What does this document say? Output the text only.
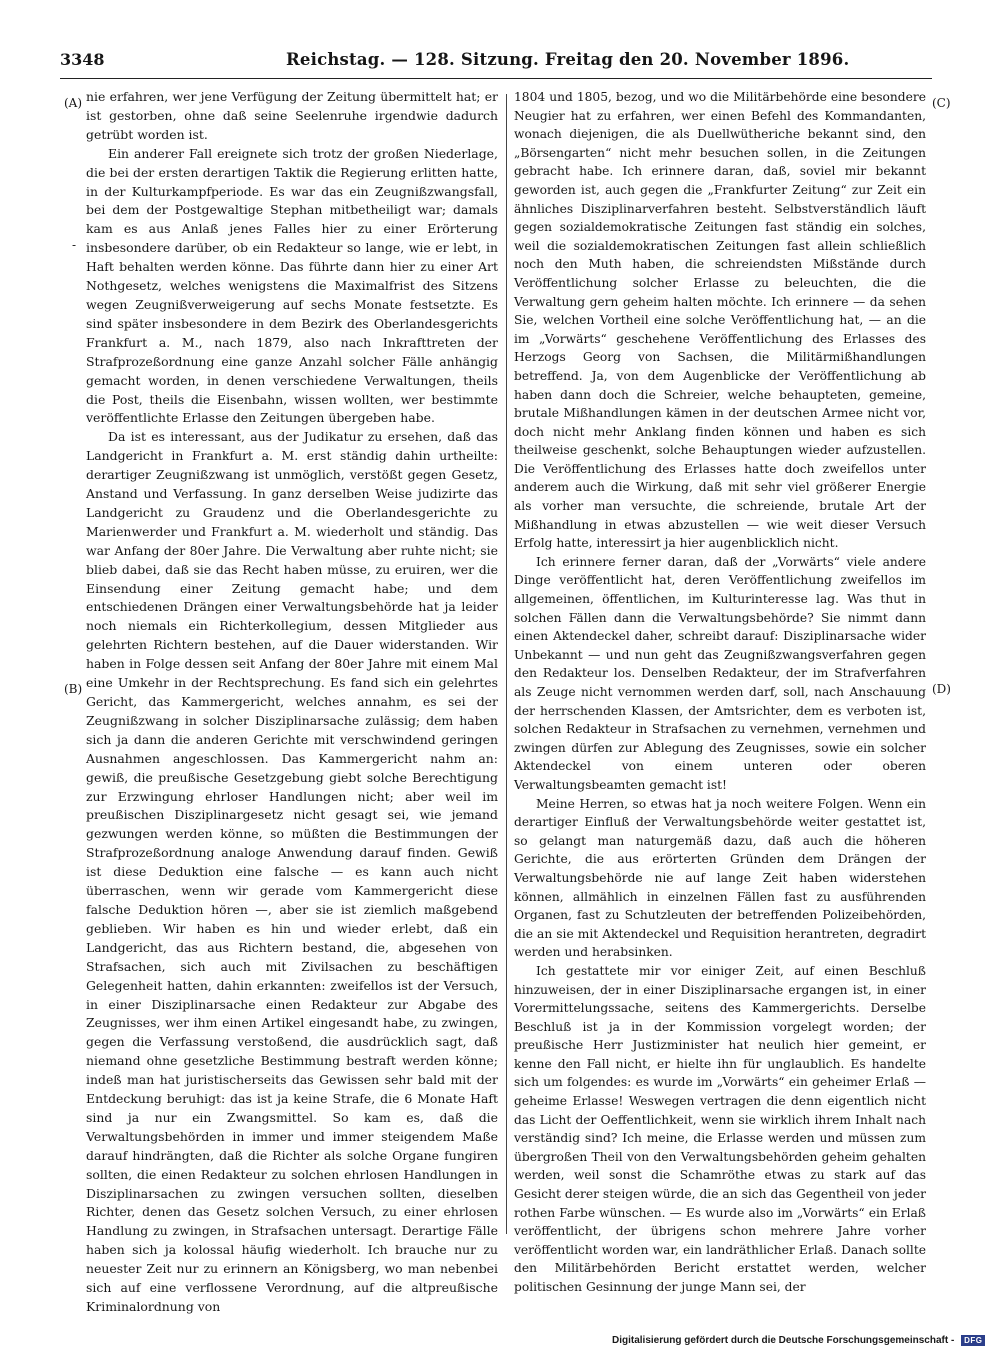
3348	Reichstag. — 128. Sitzung. Freitag den 20. November 1896.
(A)
(B)
(C)
(D)
-

nie erfahren, wer jene Verfügung der Zeitung übermittelt hat; er ist gestorben, ohne daß seine Seelenruhe irgendwie dadurch getrübt worden ist.

Ein anderer Fall ereignete sich trotz der großen Niederlage, die bei der ersten derartigen Taktik die Regierung erlitten hatte, in der Kulturkampfperiode. Es war das ein Zeugnißzwangsfall, bei dem der Postgewaltige Stephan mitbetheiligt war; damals kam es aus Anlaß jenes Falles hier zu einer Erörterung insbesondere darüber, ob ein Redakteur so lange, wie er lebt, in Haft behalten werden könne. Das führte dann hier zu einer Art Nothgesetz, welches wenigstens die Maximalfrist des Sitzens wegen Zeugnißverweigerung auf sechs Monate festsetzte. Es sind später insbesondere in dem Bezirk des Oberlandesgerichts Frankfurt a. M., nach 1879, also nach Inkrafttreten der Strafprozeßordnung eine ganze Anzahl solcher Fälle anhängig gemacht worden, in denen verschiedene Verwaltungen, theils die Post, theils die Eisenbahn, wissen wollten, wer bestimmte veröffentlichte Erlasse den Zeitungen übergeben habe.

Da ist es interessant, aus der Judikatur zu ersehen, daß das Landgericht in Frankfurt a. M. erst ständig dahin urtheilte: derartiger Zeugnißzwang ist unmöglich, verstößt gegen Gesetz, Anstand und Verfassung. In ganz derselben Weise judizirte das Landgericht zu Graudenz und die Oberlandesgerichte zu Marienwerder und Frankfurt a. M. wiederholt und ständig. Das war Anfang der 80er Jahre. Die Verwaltung aber ruhte nicht; sie blieb dabei, daß sie das Recht haben müsse, zu eruiren, wer die Einsendung einer Zeitung gemacht habe; und dem entschiedenen Drängen einer Verwaltungsbehörde hat ja leider noch niemals ein Richterkollegium, dessen Mitglieder aus gelehrten Richtern bestehen, auf die Dauer widerstanden. Wir haben in Folge dessen seit Anfang der 80er Jahre mit einem Mal eine Umkehr in der Rechtsprechung. Es fand sich ein gelehrtes Gericht, das Kammergericht, welches annahm, es sei der Zeugnißzwang in solcher Disziplinarsache zulässig; dem haben sich ja dann die anderen Gerichte mit verschwindend geringen Ausnahmen angeschlossen. Das Kammergericht nahm an: gewiß, die preußische Gesetzgebung giebt solche Berechtigung zur Erzwingung ehrloser Handlungen nicht; aber weil im preußischen Disziplinargesetz nicht gesagt sei, wie jemand gezwungen werden könne, so müßten die Bestimmungen der Strafprozeßordnung analoge Anwendung darauf finden. Gewiß ist diese Deduktion eine falsche — es kann auch nicht überraschen, wenn wir gerade vom Kammergericht diese falsche Deduktion hören —, aber sie ist ziemlich maßgebend geblieben. Wir haben es hin und wieder erlebt, daß ein Landgericht, das aus Richtern bestand, die, abgesehen von Strafsachen, sich auch mit Zivilsachen zu beschäftigen Gelegenheit hatten, dahin erkannten: zweifellos ist der Versuch, in einer Disziplinarsache einen Redakteur zur Abgabe des Zeugnisses, wer ihm einen Artikel eingesandt habe, zu zwingen, gegen die Verfassung verstoßend, die ausdrücklich sagt, daß niemand ohne gesetzliche Bestimmung bestraft werden könne; indeß man hat juristischerseits das Gewissen sehr bald mit der Entdeckung beruhigt: das ist ja keine Strafe, die 6 Monate Haft sind ja nur ein Zwangsmittel. So kam es, daß die Verwaltungsbehörden in immer und immer steigendem Maße darauf hindrängten, daß die Richter als solche Organe fungiren sollten, die einen Redakteur zu solchen ehrlosen Handlungen in Disziplinarsachen zu zwingen versuchen sollten, dieselben Richter, denen das Gesetz solchen Versuch, zu einer ehrlosen Handlung zu zwingen, in Strafsachen untersagt. Derartige Fälle haben sich ja kolossal häufig wiederholt. Ich brauche nur zu neuester Zeit nur zu erinnern an Königsberg, wo man nebenbei sich auf eine verflossene Verordnung, auf die altpreußische Kriminalordnung von

1804 und 1805, bezog, und wo die Militärbehörde eine besondere Neugier hat zu erfahren, wer einen Befehl des Kommandanten, wonach diejenigen, die als Duellwütheriche bekannt sind, den „Börsengarten“ nicht mehr besuchen sollen, in die Zeitungen gebracht habe. Ich erinnere daran, daß, soviel mir bekannt geworden ist, auch gegen die „Frankfurter Zeitung“ zur Zeit ein ähnliches Disziplinarverfahren besteht. Selbstverständlich läuft gegen sozialdemokratische Zeitungen fast ständig ein solches, weil die sozialdemokratischen Zeitungen fast allein schließlich noch den Muth haben, die schreiendsten Mißstände durch Veröffentlichung solcher Erlasse zu beleuchten, die die Verwaltung gern geheim halten möchte. Ich erinnere — da sehen Sie, welchen Vortheil eine solche Veröffentlichung hat, — an die im „Vorwärts“ geschehene Veröffentlichung des Erlasses des Herzogs Georg von Sachsen, die Militärmißhandlungen betreffend. Ja, von dem Augenblicke der Veröffentlichung ab haben dann doch die Schreier, welche behaupteten, gemeine, brutale Mißhandlungen kämen in der deutschen Armee nicht vor, doch nicht mehr Anklang finden können und haben es sich theilweise geschenkt, solche Behauptungen wieder aufzustellen. Die Veröffentlichung des Erlasses hatte doch zweifellos unter anderem auch die Wirkung, daß mit sehr viel größerer Energie als vorher man versuchte, die schreiende, brutale Art der Mißhandlung in etwas abzustellen — wie weit dieser Versuch Erfolg hatte, interessirt ja hier augenblicklich nicht.

Ich erinnere ferner daran, daß der „Vorwärts“ viele andere Dinge veröffentlicht hat, deren Veröffentlichung zweifellos im allgemeinen, öffentlichen, im Kulturinteresse lag. Was thut in solchen Fällen dann die Verwaltungsbehörde? Sie nimmt dann einen Aktendeckel daher, schreibt darauf: Disziplinarsache wider Unbekannt — und nun geht das Zeugnißzwangsverfahren gegen den Redakteur los. Denselben Redakteur, der im Strafverfahren als Zeuge nicht vernommen werden darf, soll, nach Anschauung der herrschenden Klassen, der Amtsrichter, dem es verboten ist, solchen Redakteur in Strafsachen zu vernehmen, vernehmen und zwingen dürfen zur Ablegung des Zeugnisses, sowie ein solcher Aktendeckel von einem unteren oder oberen Verwaltungsbeamten gemacht ist!

Meine Herren, so etwas hat ja noch weitere Folgen. Wenn ein derartiger Einfluß der Verwaltungsbehörde weiter gestattet ist, so gelangt man naturgemäß dazu, daß auch die höheren Gerichte, die aus erörterten Gründen dem Drängen der Verwaltungsbehörde nie auf lange Zeit haben widerstehen können, allmählich in einzelnen Fällen fast zu ausführenden Organen, fast zu Schutzleuten der betreffenden Polizeibehörden, die an sie mit Aktendeckel und Requisition herantreten, degradirt werden und herabsinken.

Ich gestattete mir vor einiger Zeit, auf einen Beschluß hinzuweisen, der in einer Disziplinarsache ergangen ist, in einer Vorermittelungssache, seitens des Kammergerichts. Derselbe Beschluß ist ja in der Kommission vorgelegt worden; der preußische Herr Justizminister hat neulich hier gemeint, er kenne den Fall nicht, er hielte ihn für unglaublich. Es handelte sich um folgendes: es wurde im „Vorwärts“ ein geheimer Erlaß — geheime Erlasse! Weswegen vertragen die denn eigentlich nicht das Licht der Oeffentlichkeit, wenn sie wirklich ihrem Inhalt nach verständig sind? Ich meine, die Erlasse werden und müssen zum übergroßen Theil von den Verwaltungsbehörden geheim gehalten werden, weil sonst die Schamröthe etwas zu stark auf das Gesicht derer steigen würde, die an sich das Gegentheil von jeder rothen Farbe wünschen. — Es wurde also im „Vorwärts“ ein Erlaß veröffentlicht, der übrigens schon mehrere Jahre vorher veröffentlicht worden war, ein landräthlicher Erlaß. Danach sollte den Militärbehörden Bericht erstattet werden, welcher politischen Gesinnung der junge Mann sei, der

Digitalisierung gefördert durch die Deutsche Forschungsgemeinschaft - DFG
